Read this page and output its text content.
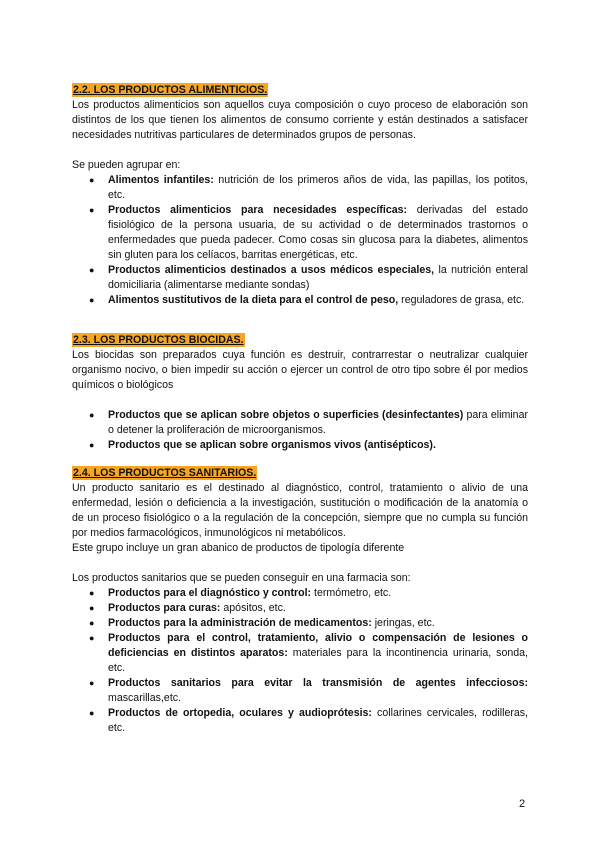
2.2. LOS PRODUCTOS ALIMENTICIOS.

Los productos alimenticios son aquellos cuya composición o cuyo proceso de elaboración son distintos de los que tienen los alimentos de consumo corriente y están destinados a satisfacer necesidades nutritivas particulares de determinados grupos de personas.

Se pueden agrupar en:

● Alimentos infantiles: nutrición de los primeros años de vida, las papillas, los potitos, etc.
● Productos alimenticios para necesidades específicas: derivadas del estado fisiológico de la persona usuaria, de su actividad o de determinados trastornos o enfermedades que pueda padecer. Como cosas sin glucosa para la diabetes, alimentos sin gluten para los celíacos, barritas energéticas, etc.
● Productos alimenticios destinados a usos médicos especiales, la nutrición enteral domiciliaria (alimentarse mediante sondas)
● Alimentos sustitutivos de la dieta para el control de peso, reguladores de grasa, etc.
2.3. LOS PRODUCTOS BIOCIDAS.

Los biocidas son preparados cuya función es destruir, contrarrestar o neutralizar cualquier organismo nocivo, o bien impedir su acción o ejercer un control de otro tipo sobre él por medios químicos o biológicos

● Productos que se aplican sobre objetos o superficies (desinfectantes) para eliminar o detener la proliferación de microorganismos.
● Productos que se aplican sobre organismos vivos (antisépticos).
2.4. LOS PRODUCTOS SANITARIOS.

Un producto sanitario es el destinado al diagnóstico, control, tratamiento o alivio de una enfermedad, lesión o deficiencia a la investigación, sustitución o modificación de la anatomía o de un proceso fisiológico o a la regulación de la concepción, siempre que no cumpla su función por medios farmacológicos, inmunológicos ni metabólicos.

Este grupo incluye un gran abanico de productos de tipología diferente

Los productos sanitarios que se pueden conseguir en una farmacia son:

● Productos para el diagnóstico y control: termómetro, etc.
● Productos para curas: apósitos, etc.
● Productos para la administración de medicamentos: jeringas, etc.
● Productos para el control, tratamiento, alivio o compensación de lesiones o deficiencias en distintos aparatos: materiales para la incontinencia urinaria, sonda, etc.
● Productos sanitarios para evitar la transmisión de agentes infecciosos: mascarillas,etc.
● Productos de ortopedia, oculares y audioprótesis: collarines cervicales, rodilleras, etc.
2
